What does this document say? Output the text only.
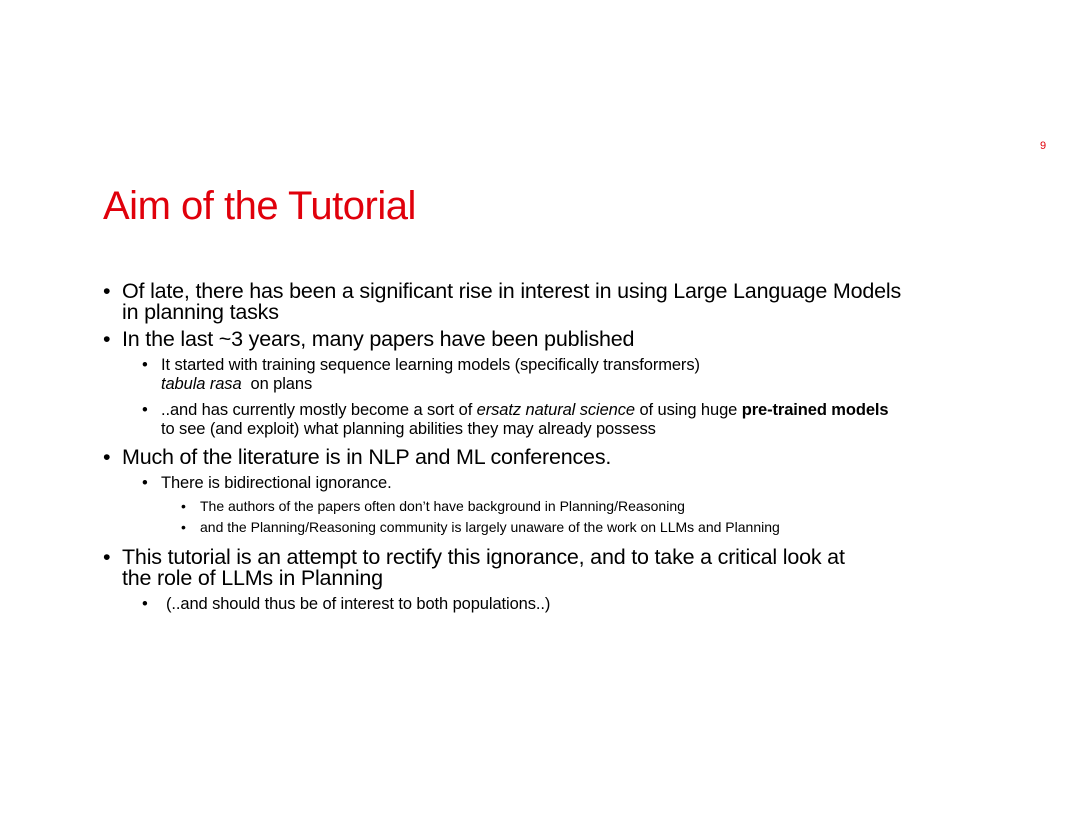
9
Aim of the Tutorial

• Of late, there has been a significant rise in interest in using Large Language Models in planning tasks

• In the last ~3 years, many papers have been published

• It started with training sequence learning models (specifically transformers)
tabula rasa on plans

• ..and has currently mostly become a sort of ersatz natural science of using huge pre-trained models to see (and exploit) what planning abilities they may already possess

• Much of the literature is in NLP and ML conferences.

• There is bidirectional ignorance.

• The authors of the papers often don’t have background in Planning/Reasoning

• and the Planning/Reasoning community is largely unaware of the work on LLMs and Planning

• This tutorial is an attempt to rectify this ignorance, and to take a critical look at the role of LLMs in Planning

• (..and should thus be of interest to both populations..)
